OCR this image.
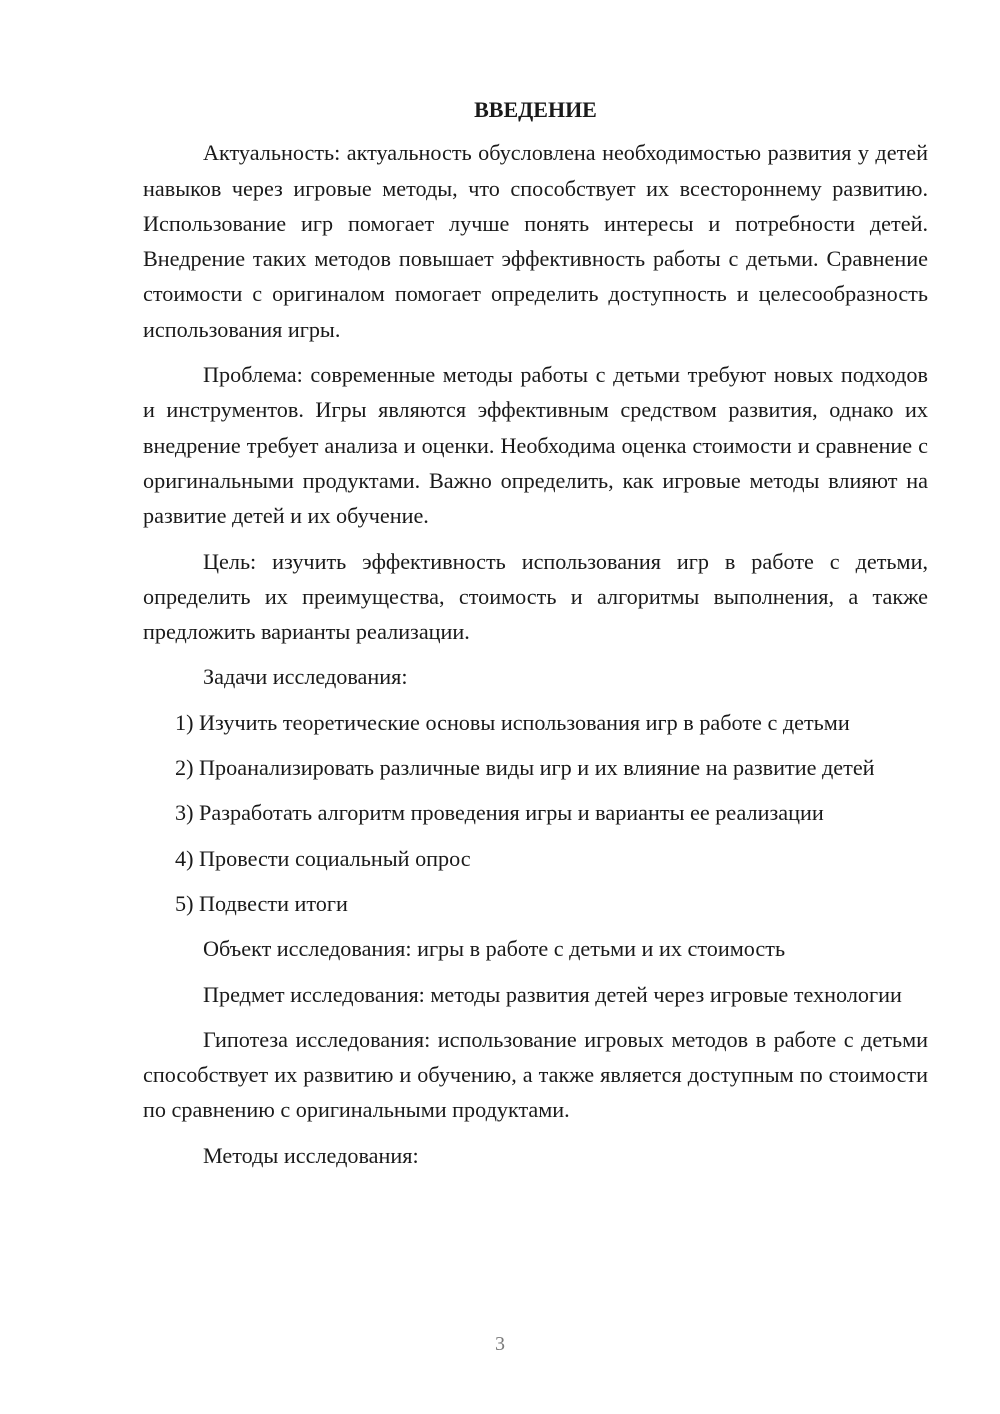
ВВЕДЕНИЕ

Актуальность: актуальность обусловлена необходимостью развития у детей навыков через игровые методы, что способствует их всестороннему развитию. Использование игр помогает лучше понять интересы и потребности детей. Внедрение таких методов повышает эффективность работы с детьми. Сравнение стоимости с оригиналом помогает определить доступность и целесообразность использования игры.

Проблема: современные методы работы с детьми требуют новых подходов и инструментов. Игры являются эффективным средством развития, однако их внедрение требует анализа и оценки. Необходима оценка стоимости и сравнение с оригинальными продуктами. Важно определить, как игровые методы влияют на развитие детей и их обучение.

Цель: изучить эффективность использования игр в работе с детьми, определить их преимущества, стоимость и алгоритмы выполнения, а также предложить варианты реализации.

Задачи исследования:

1) Изучить теоретические основы использования игр в работе с детьми

2) Проанализировать различные виды игр и их влияние на развитие детей

3) Разработать алгоритм проведения игры и варианты ее реализации

4) Провести социальный опрос

5) Подвести итоги

Объект исследования: игры в работе с детьми и их стоимость

Предмет исследования: методы развития детей через игровые технологии

Гипотеза исследования: использование игровых методов в работе с детьми способствует их развитию и обучению, а также является доступным по стоимости по сравнению с оригинальными продуктами.

Методы исследования:

3
